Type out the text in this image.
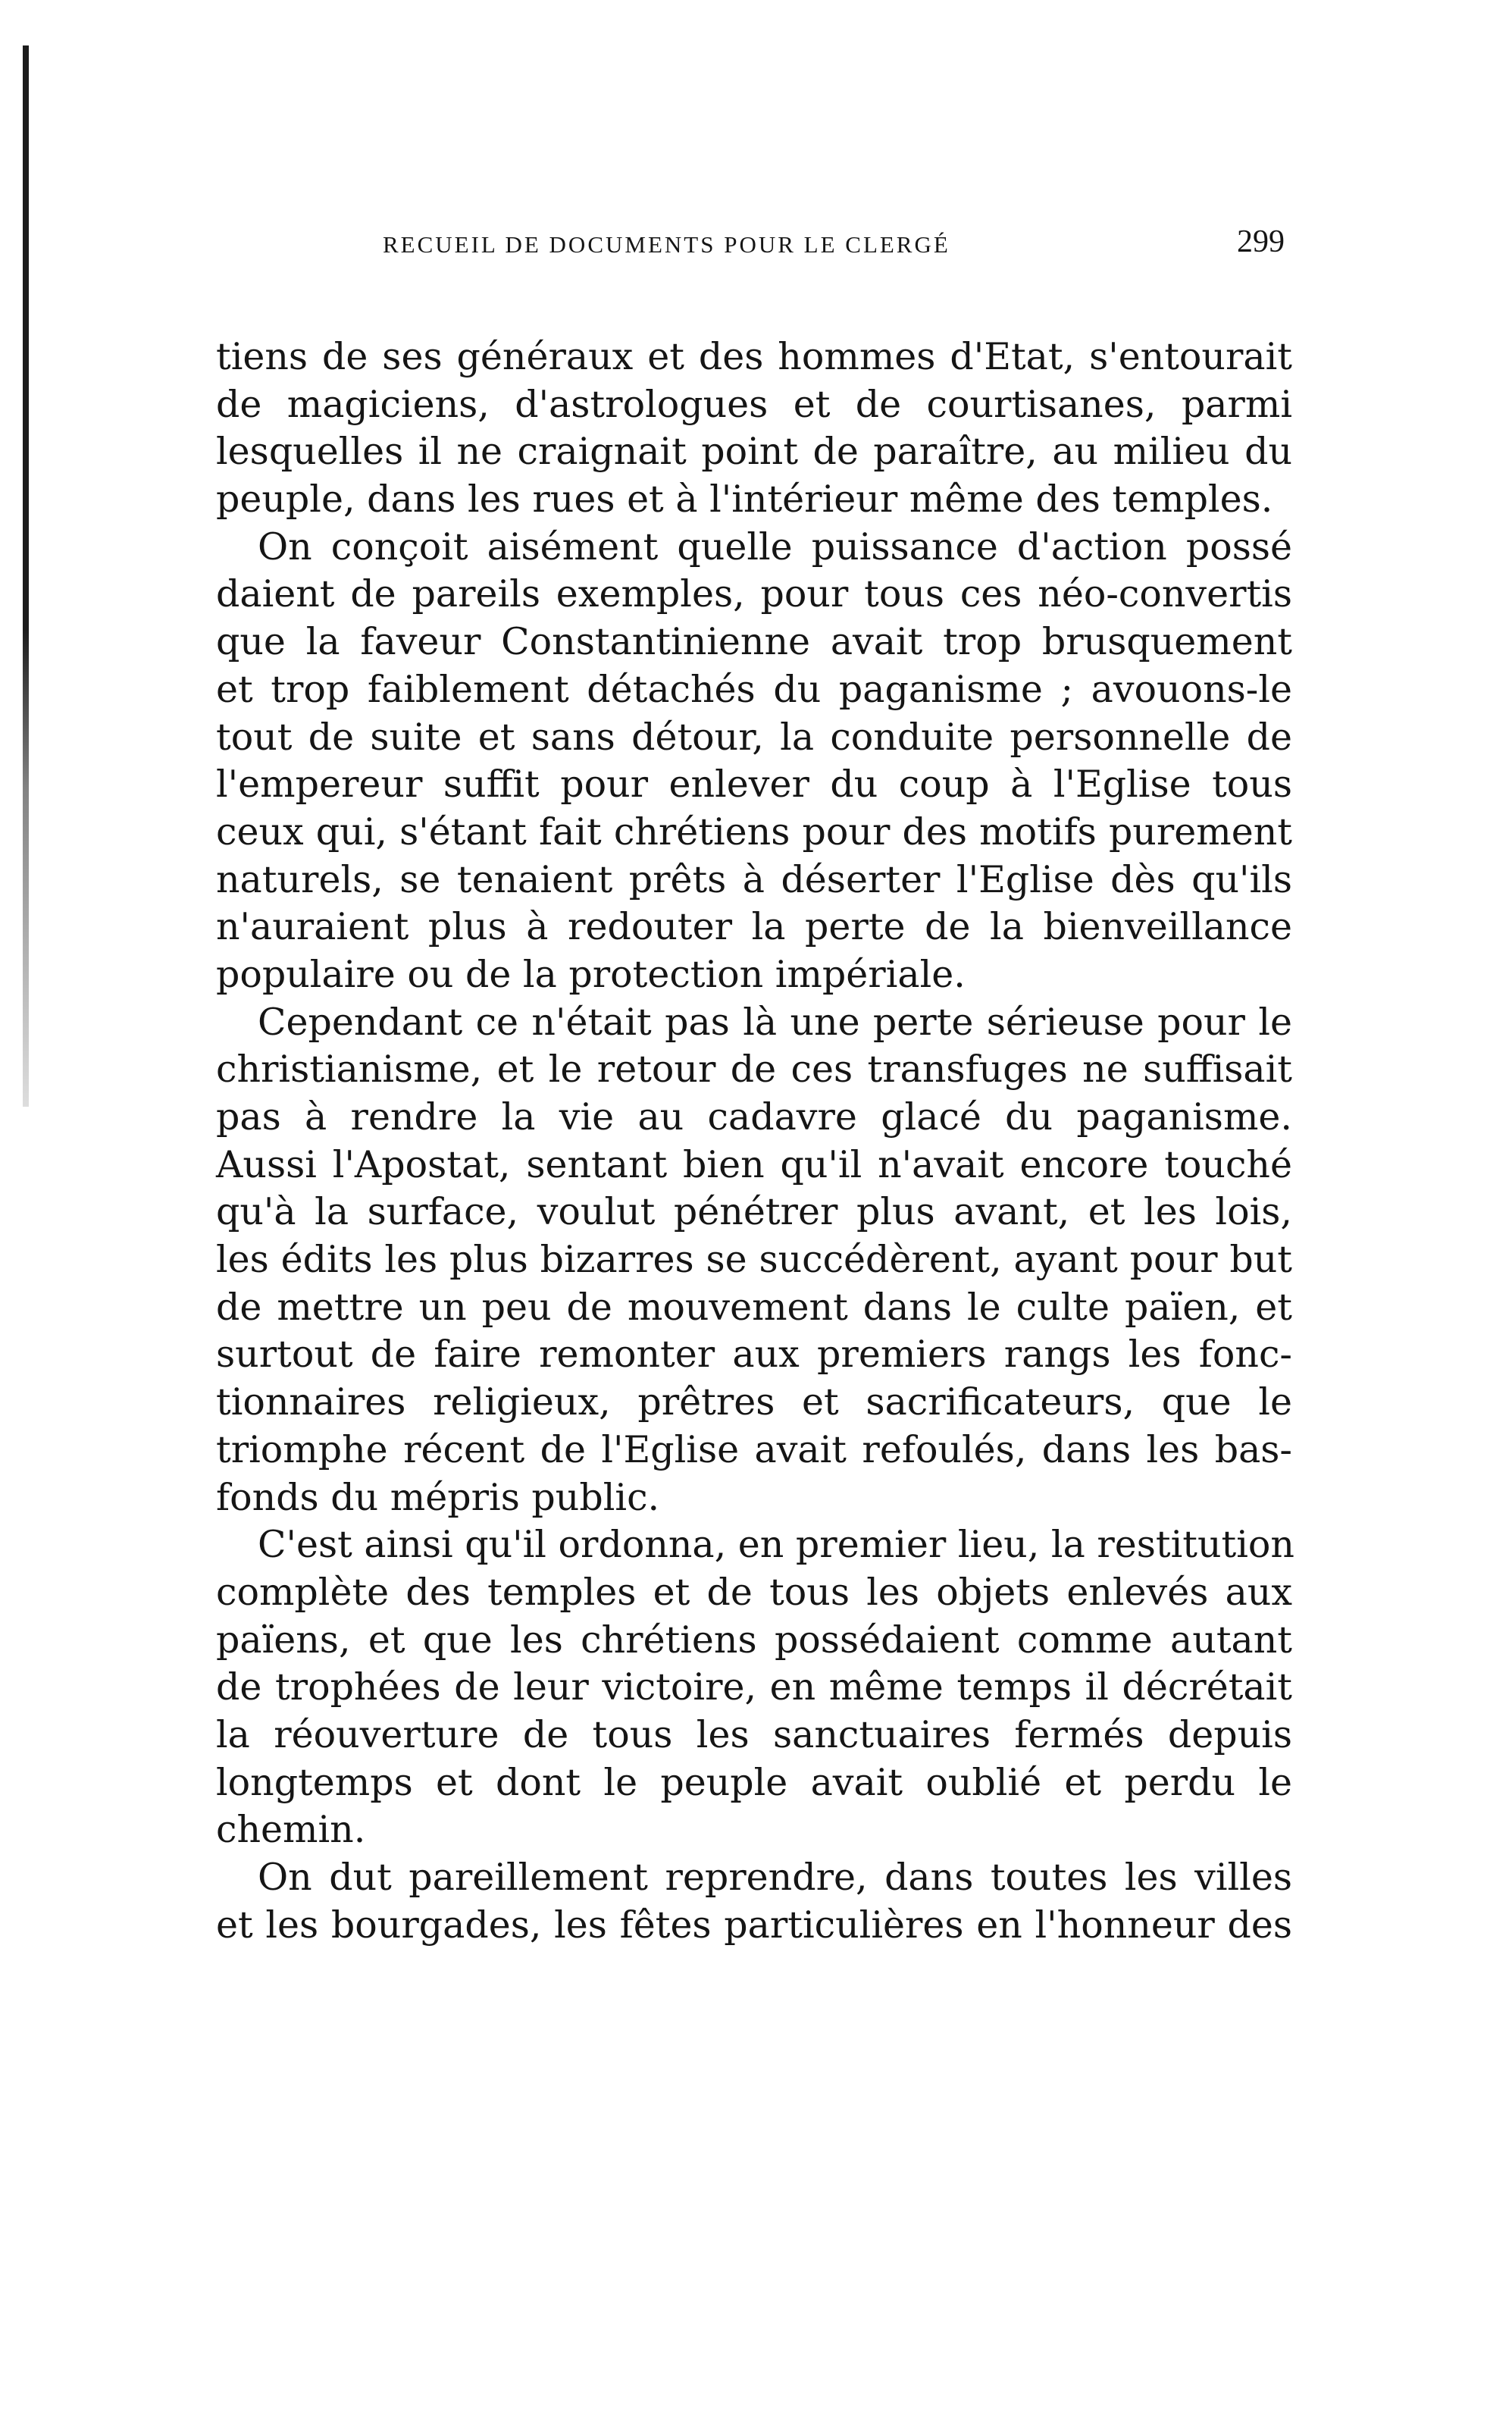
RECUEIL DE DOCUMENTS POUR LE CLERGÉ	299
tiens de ses généraux et des hommes d'Etat, s'entourait
de magiciens, d'astrologues et de courtisanes, parmi
lesquelles il ne craignait point de paraître, au milieu du
peuple, dans les rues et à l'intérieur même des temples.
On conçoit aisément quelle puissance d'action possé
daient de pareils exemples, pour tous ces néo-convertis
que la faveur Constantinienne avait trop brusquement
et trop faiblement détachés du paganisme ; avouons-le
tout de suite et sans détour, la conduite personnelle de
l'empereur suffit pour enlever du coup à l'Eglise tous
ceux qui, s'étant fait chrétiens pour des motifs purement
naturels, se tenaient prêts à déserter l'Eglise dès qu'ils
n'auraient plus à redouter la perte de la bienveillance
populaire ou de la protection impériale.
Cependant ce n'était pas là une perte sérieuse pour le
christianisme, et le retour de ces transfuges ne suffisait
pas à rendre la vie au cadavre glacé du paganisme.
Aussi l'Apostat, sentant bien qu'il n'avait encore touché
qu'à la surface, voulut pénétrer plus avant, et les lois,
les édits les plus bizarres se succédèrent, ayant pour but
de mettre un peu de mouvement dans le culte païen, et
surtout de faire remonter aux premiers rangs les fonc-
tionnaires religieux, prêtres et sacrificateurs, que le
triomphe récent de l'Eglise avait refoulés, dans les bas-
fonds du mépris public.
C'est ainsi qu'il ordonna, en premier lieu, la restitution
complète des temples et de tous les objets enlevés aux
païens, et que les chrétiens possédaient comme autant
de trophées de leur victoire, en même temps il décrétait
la réouverture de tous les sanctuaires fermés depuis
longtemps et dont le peuple avait oublié et perdu le
chemin.
On dut pareillement reprendre, dans toutes les villes
et les bourgades, les fêtes particulières en l'honneur des
